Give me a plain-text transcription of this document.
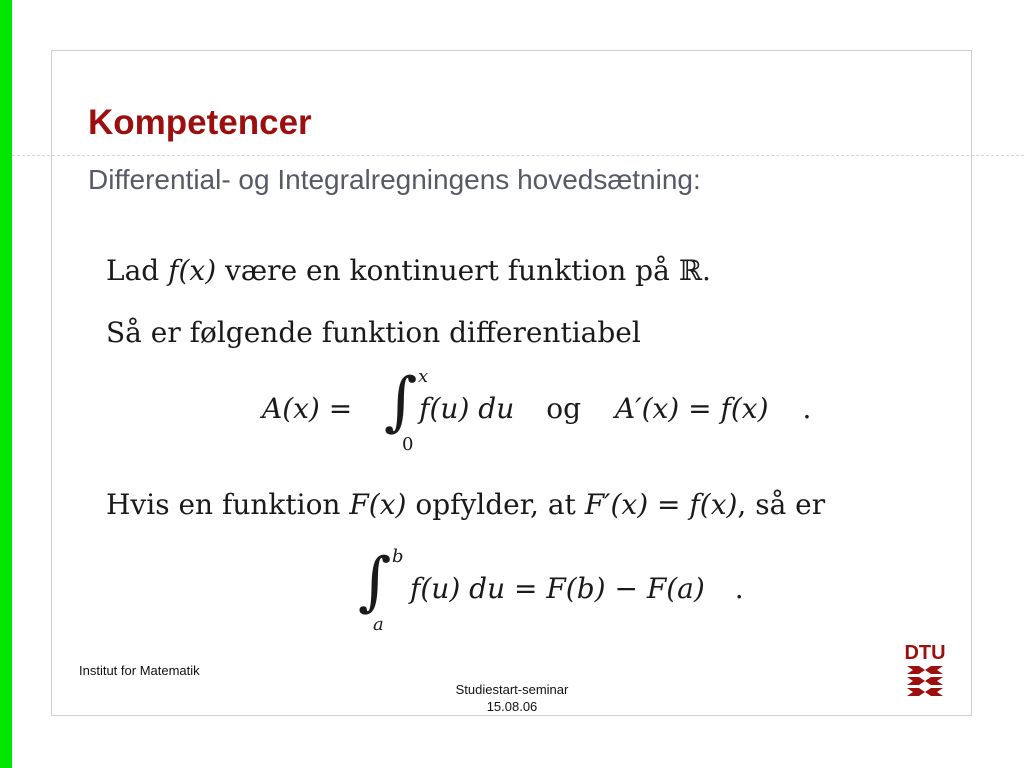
Kompetencer
Differential- og Integralregningens hovedsætning:
Lad f(x) være en kontinuert funktion på ℝ.
Så er følgende funktion differentiabel
A(x) = f(u) du og A′(x) = f(x) .
∫ x
0
Hvis en funktion F(x) opfylder, at F′(x) = f(x), så er
f(u) du = F(b) − F(a) .
∫ b
a
Institut for Matematik
Studiestart-seminar
15.08.06
DTU
